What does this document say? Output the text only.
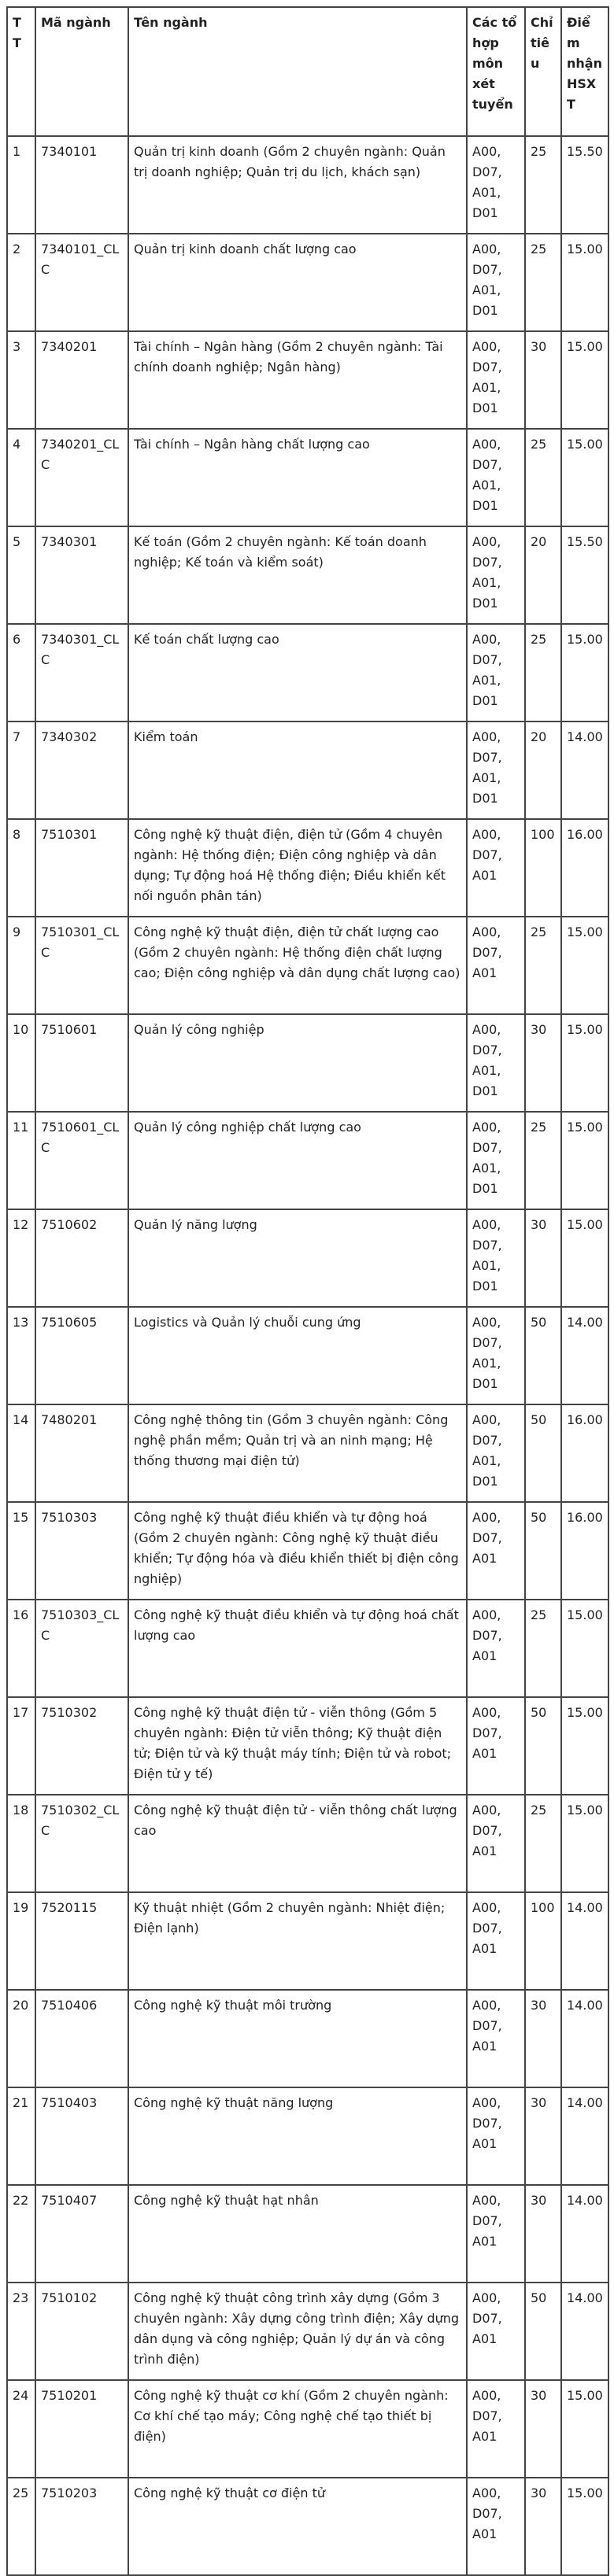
TT	Mã ngành	Tên ngành	Các tổ hợp môn xét tuyển	Chỉ tiêu	Điểm nhận HSXT
1	7340101	Quản trị kinh doanh (Gồm 2 chuyên ngành: Quản trị doanh nghiệp; Quản trị du lịch, khách sạn)	A00,
D07,
A01,
D01	25	15.50
2	7340101_CLC	Quản trị kinh doanh chất lượng cao	A00,
D07,
A01,
D01	25	15.00
3	7340201	Tài chính – Ngân hàng (Gồm 2 chuyên ngành: Tài chính doanh nghiệp; Ngân hàng)	A00,
D07,
A01,
D01	30	15.00
4	7340201_CLC	Tài chính – Ngân hàng chất lượng cao	A00,
D07,
A01,
D01	25	15.00
5	7340301	Kế toán (Gồm 2 chuyên ngành: Kế toán doanh nghiệp; Kế toán và kiểm soát)	A00,
D07,
A01,
D01	20	15.50
6	7340301_CLC	Kế toán chất lượng cao	A00,
D07,
A01,
D01	25	15.00
7	7340302	Kiểm toán	A00,
D07,
A01,
D01	20	14.00
8	7510301	Công nghệ kỹ thuật điện, điện tử (Gồm 4 chuyên ngành: Hệ thống điện; Điện công nghiệp và dân dụng; Tự động hoá Hệ thống điện; Điều khiển kết nối nguồn phân tán)	A00,
D07,
A01	100	16.00
9	7510301_CLC	Công nghệ kỹ thuật điện, điện tử chất lượng cao (Gồm 2 chuyên ngành: Hệ thống điện chất lượng cao; Điện công nghiệp và dân dụng chất lượng cao)	A00,
D07,
A01	25	15.00
10	7510601	Quản lý công nghiệp	A00,
D07,
A01,
D01	30	15.00
11	7510601_CLC	Quản lý công nghiệp chất lượng cao	A00,
D07,
A01,
D01	25	15.00
12	7510602	Quản lý năng lượng	A00,
D07,
A01,
D01	30	15.00
13	7510605	Logistics và Quản lý chuỗi cung ứng	A00,
D07,
A01,
D01	50	14.00
14	7480201	Công nghệ thông tin (Gồm 3 chuyên ngành: Công nghệ phần mềm; Quản trị và an ninh mạng; Hệ thống thương mại điện tử)	A00,
D07,
A01,
D01	50	16.00
15	7510303	Công nghệ kỹ thuật điều khiển và tự động hoá (Gồm 2 chuyên ngành: Công nghệ kỹ thuật điều khiển; Tự động hóa và điều khiển thiết bị điện công nghiệp)	A00,
D07,
A01	50	16.00
16	7510303_CLC	Công nghệ kỹ thuật điều khiển và tự động hoá chất lượng cao	A00,
D07,
A01	25	15.00
17	7510302	Công nghệ kỹ thuật điện tử - viễn thông (Gồm 5 chuyên ngành: Điện tử viễn thông; Kỹ thuật điện tử; Điện tử và kỹ thuật máy tính; Điện tử và robot; Điện tử y tế)	A00,
D07,
A01	50	15.00
18	7510302_CLC	Công nghệ kỹ thuật điện tử - viễn thông chất lượng cao	A00,
D07,
A01	25	15.00
19	7520115	Kỹ thuật nhiệt (Gồm 2 chuyên ngành: Nhiệt điện; Điện lạnh)	A00,
D07,
A01	100	14.00
20	7510406	Công nghệ kỹ thuật môi trường	A00,
D07,
A01	30	14.00
21	7510403	Công nghệ kỹ thuật năng lượng	A00,
D07,
A01	30	14.00
22	7510407	Công nghệ kỹ thuật hạt nhân	A00,
D07,
A01	30	14.00
23	7510102	Công nghệ kỹ thuật công trình xây dựng (Gồm 3 chuyên ngành: Xây dựng công trình điện; Xây dựng dân dụng và công nghiệp; Quản lý dự án và công trình điện)	A00,
D07,
A01	50	14.00
24	7510201	Công nghệ kỹ thuật cơ khí (Gồm 2 chuyên ngành: Cơ khí chế tạo máy; Công nghệ chế tạo thiết bị điện)	A00,
D07,
A01	30	15.00
25	7510203	Công nghệ kỹ thuật cơ điện tử	A00,
D07,
A01	30	15.00
